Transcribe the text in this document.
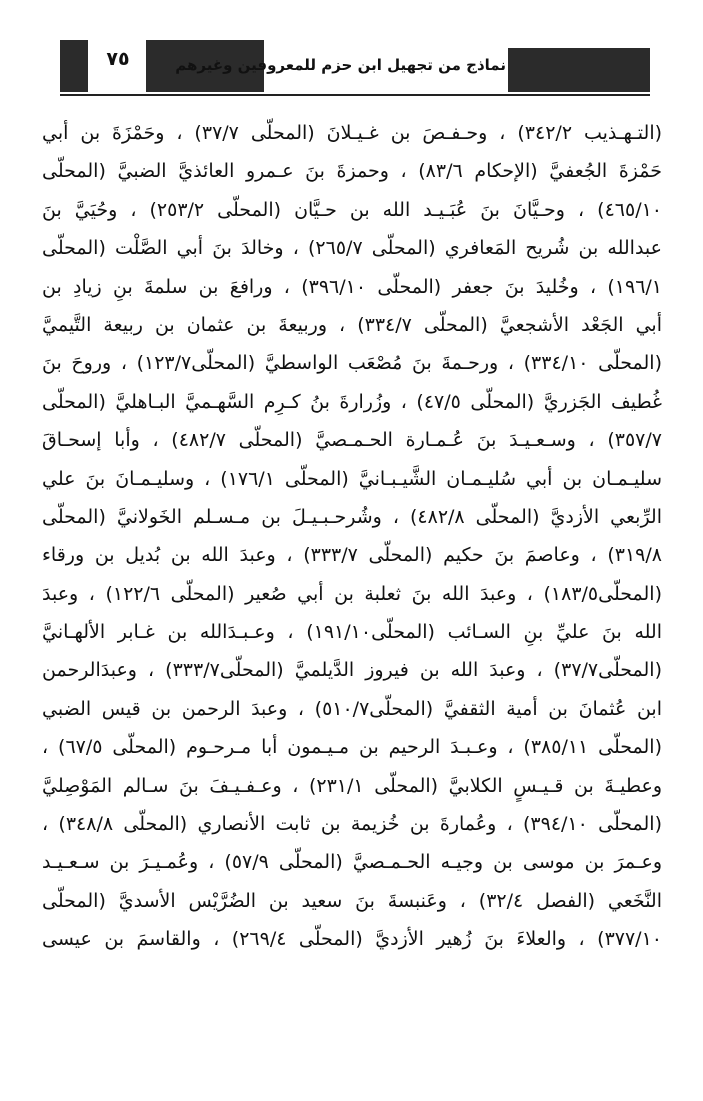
٧٥	نماذج من تجهيل ابن حزم للمعروفين وغيرهم
(التـهـذيب ٣٤٢/٢) ، وحـفـصَ بن غـيـلانَ (المحلّى ٣٧/٧) ، وحَمْزَةَ بن أبي
حَمْزةَ الجُعفيَّ (الإحكام ٨٣/٦) ، وحمزةَ بنَ عـمرو العائذيَّ الضبيَّ (المحلّى
٤٦٥/١٠) ، وحـيَّانَ بنَ عُبَـيـد الله بن حـيَّان (المحلّى ٢٥٣/٢) ، وحُيَيَّ بنَ
عبدالله بن شُريح المَعافري (المحلّى ٢٦٥/٧) ، وخالدَ بنَ أبي الصَّلْت (المحلّى
١٩٦/١) ، وخُليدَ بنَ جعفر (المحلّى ٣٩٦/١٠) ، ورافعَ بن سلمةَ بنِ زيادِ بن
أبي الجَعْد الأشجعيَّ (المحلّى ٣٣٤/٧) ، وربيعةَ بن عثمان بن ربيعة التَّيميَّ
(المحلّى ٣٣٤/١٠) ، ورحـمةَ بنَ مُصْعَب الواسطيَّ (المحلّى١٢٣/٧) ، وروحَ بنَ
غُطيف الجَزريَّ (المحلّى ٤٧/٥) ، وزُرارةَ بنُ كـرِم السَّهـميَّ البـاهليَّ (المحلّى
٣٥٧/٧) ، وسـعـيـدَ بنَ عُـمـارة الحـمـصيَّ (المحلّى ٤٨٢/٧) ، وأبا إسحـاقَ
سليـمـان بن أبي سُليـمـان الشَّيـبـانيَّ (المحلّى ١٧٦/١) ، وسليـمـانَ بنَ علي
الرِّبعي الأزديَّ (المحلّى ٤٨٢/٨) ، وشُرحـبـيـلَ بن مـسـلم الخَولانيَّ (المحلّى
٣١٩/٨) ، وعاصمَ بنَ حكيم (المحلّى ٣٣٣/٧) ، وعبدَ الله بن بُديل بن ورقاء
(المحلّى١٨٣/٥) ، وعبدَ الله بنَ ثعلبة بن أبي صُعير (المحلّى ١٢٢/٦) ، وعبدَ
الله بنَ عليِّ بنِ السـائب (المحلّى١٩١/١٠) ، وعـبـدَالله بن غـابر الألهـانيَّ
(المحلّى٣٧/٧) ، وعبدَ الله بن فيروز الدَّيلميَّ (المحلّى٣٣٣/٧) ، وعبدَالرحمن
ابن عُثمانَ بن أمية الثقفيَّ (المحلّى٥١٠/٧) ، وعبدَ الرحمن بن قيس الضبي
(المحلّى ٣٨٥/١١) ، وعـبـدَ الرحيم بن مـيـمون أبا مـرحـوم (المحلّى ٦٧/٥) ،
وعطيـةَ بن قـيـسٍ الكلابيَّ (المحلّى ٢٣١/١) ، وعـفـيـفَ بنَ سـالم المَوْصِليَّ
(المحلّى ٣٩٤/١٠) ، وعُمارةَ بن خُزيمة بن ثابت الأنصاري (المحلّى ٣٤٨/٨) ،
وعـمرَ بن موسى بن وجيـه الحـمـصيَّ (المحلّى ٥٧/٩) ، وعُمـيـرَ بن سـعـيـد
النَّخَعي (الفصل ٣٢/٤) ، وعَنبسةَ بنَ سعيد بن الضُرَّيْس الأسديَّ (المحلّى
٣٧٧/١٠) ، والعلاءَ بنَ زُهير الأزديَّ (المحلّى ٢٦٩/٤) ، والقاسمَ بن عيسى
